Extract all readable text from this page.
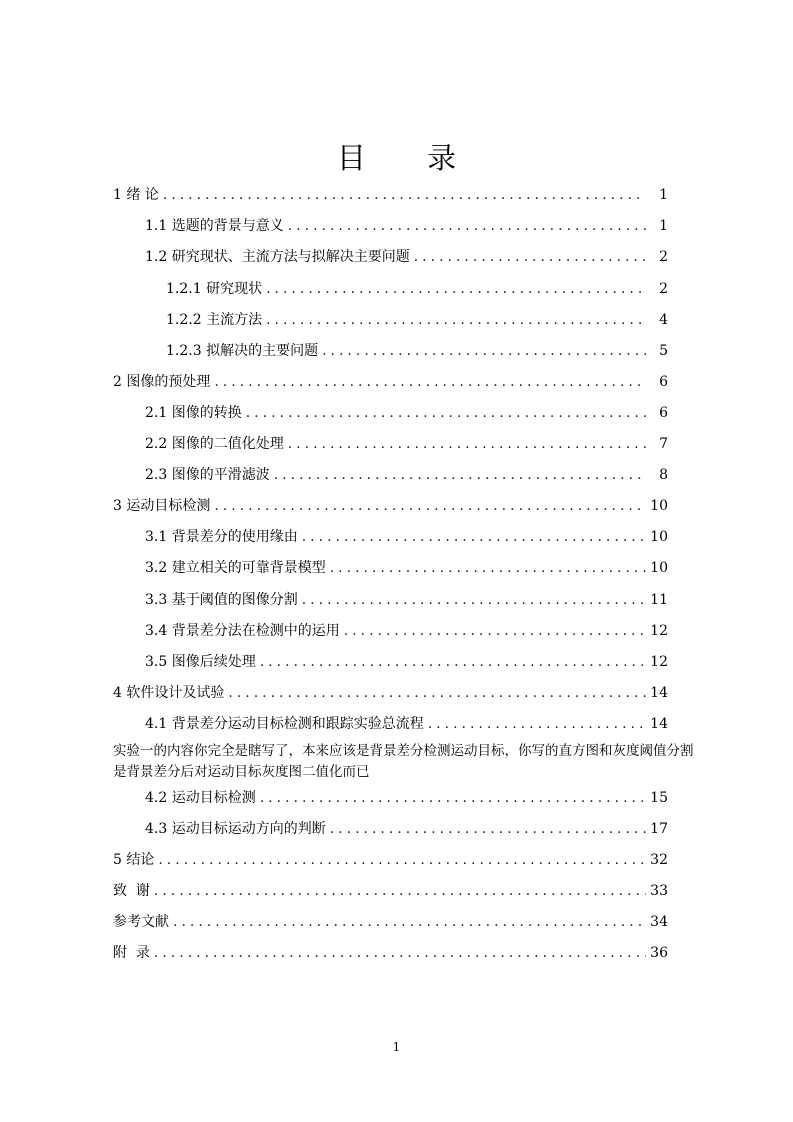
目 录
1 绪 论 .....	1
1.1 选题的背景与意义 .....	1
1.2 研究现状、主流方法与拟解决主要问题 .....	2
1.2.1 研究现状 .....	2
1.2.2 主流方法 .....	4
1.2.3 拟解决的主要问题 .....	5
2 图像的预处理 .....	6
2.1 图像的转换 .....	6
2.2 图像的二值化处理 .....	7
2.3 图像的平滑滤波 .....	8
3 运动目标检测 .....	10
3.1 背景差分的使用缘由 .....	10
3.2 建立相关的可靠背景模型 .....	10
3.3 基于阈值的图像分割 .....	11
3.4 背景差分法在检测中的运用 .....	12
3.5 图像后续处理 .....	12
4 软件设计及试验 .....	14
4.1 背景差分运动目标检测和跟踪实验总流程 .....	14
实验一的内容你完全是瞎写了，本来应该是背景差分检测运动目标，你写的直方图和灰度阈值分割是背景差分后对运动目标灰度图二值化而已
4.2 运动目标检测 .....	15
4.3 运动目标运动方向的判断 .....	17
5 结论 .....	32
致  谢 .....	33
参考文献 .....	34
附  录 .....	36
1
